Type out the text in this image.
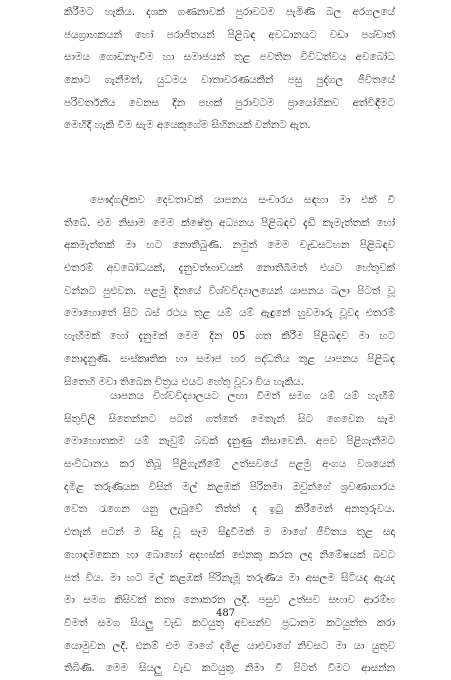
කිරීමට හැකිය. දශක ගණනාවක් පුරාවටම පැමිණි බල අරගලයේ
ජයග්‍රාහකයන් හෝ පරාජිතයන් පිළිබඳ අවධානයට වඩා පශ්චාත්
සාමය ගොඩනැංවීම හා සමාජයන් තුළ පවතින විවිධත්වය අවබෝධ
කොට ගැනීමත්, යුධමය වාතාවරණයකින් පසු පුද්ගල ජීවිතයේ
පරිවර්තනීය වෙනස දින පහක් පුරාවටම ප්‍රායෝගිකව අත්විඳීමට
මෙහිදී හැකි වීම සැම අයෙකුගේම සිහිනයක් වන්නට ඇත.
පෞද්ගලිකව දෙවතාවක් යාපනය සංචාරය සඳහා මා එක් වී
තිබේ. එම නිසාම මෙම ක්ෂේත්‍ර අධ්‍යනය පිළිබඳව දැඩි කැමැත්තක් හෝ
අකමැත්තක් මා හට නොතිබුණි. නමුත් මෙම චැඩසටහන පිළිබඳව
එතරම් අවබෝධයක්, දැනුවත්භාවයක් නොතිබීමත් එයට හේතුවක්
වන්නට පුළුවන. පළමු දිනයේ විශ්වවිද්‍යාලයෙන් යාපනය බලා පිටත් වූ
මොහොතේ සිට බස් රථය තුළ යම් යම් ඇඳුනේ හුවමාරු වූවද එතරම්
හැඟීමක් හෝ දැනුමක් මෙම දින 05 ගත කිරීම පිළිබඳව මා හට
නොදැනුණි. සංස්කෘතික හා සමාජ හර පද්ධතිය තුළ යාපනය පිළිබඳ
සිතෙහි මවා තිබෙන චිත්‍රය එයට හේතු වූවා විය හැකිය.
යාපනය විශ්වවිද්‍යාලයට ලඟා වීමත් සමග යම් යම් හැඟීම්
සිතුවිලි සිතෙන්නට පටන් ගත්තේ මෙතැන් සිට ගෙවෙන සෑම
මොහොතකම යම් නැවුම් බවක් දැනුණු නිසාවෙනි. අපව පිළිගැනීමට
සංවිධානය කර තිබූ පිළිගැනීමේ උත්සවයේ පළමු අංගය වශයෙන්
දමිළ තරුණියක විසින් මල් කළඹක් පිරිනමා ඔවුන්ගේ ශ්‍රවණාගාරය
වෙත රැගෙන යනු ලැබුවේ තිත්ත් ද ඉටු කිරීමෙන් අනතුරුවය.
එතැන් පටන් ම සිදු වූ සෑම සිදුවීමක් ම මාගේ ජීවිතය තුළ සදා
හොඳමකෙන හා බොහෝ අදහස්ක් ඓනකු කරන ලද නිමේෂයක් බවට
පත් විය. මා හට මල් කළඹක් පිරිනැමූ තරුණිය මා අසලම සිටියද ඇයද
මා සමග කිසිවක් කතා නොකරන ලදී. පසුව උත්සව සභාව ආරම්භ
වීමත් සමග සියලු වැඩ කටයුතු අවසන්ව ප්‍රධානම කටයුත්ත කරා
යොමුවන ලදී. එනම් එම මාගේ දමිළ යාළුවාගේ නිවසට මා යා යුතුව
තිබිණි. මෙම සියලු වැඩ කටයුතු නිමා වී පිටත් වීමට ආසන්න
487
